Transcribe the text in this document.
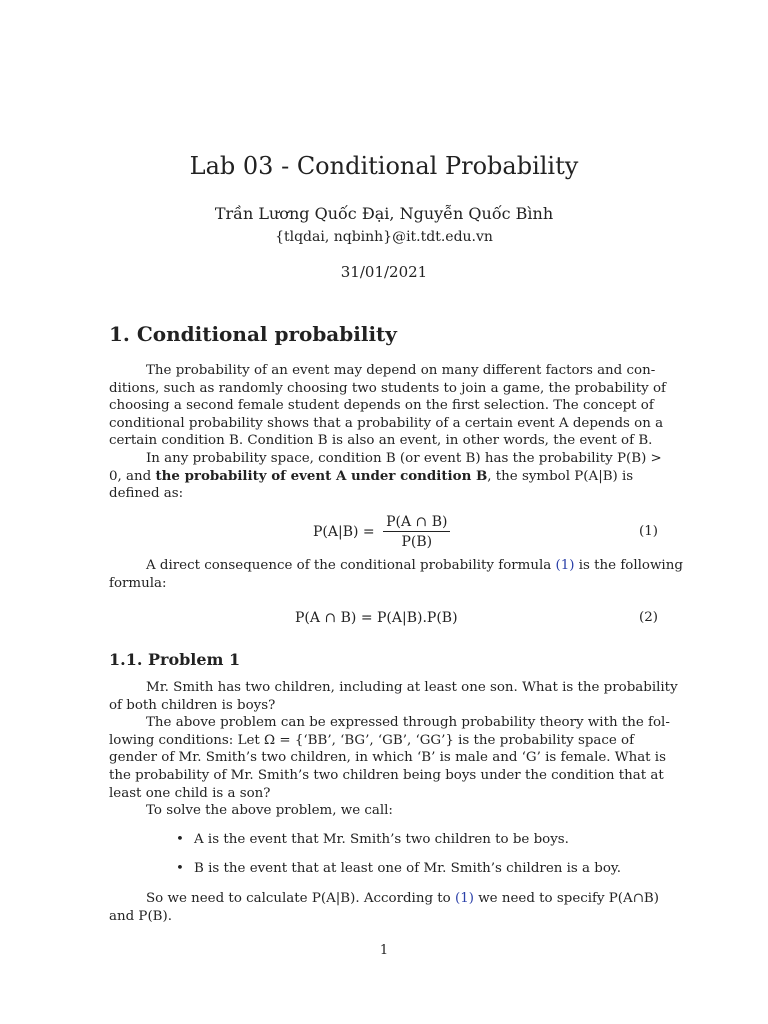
Lab 03 - Conditional Probability
Trần Lương Quốc Đại, Nguyễn Quốc Bình
{tlqdai, nqbinh}@it.tdt.edu.vn
31/01/2021
1. Conditional probability
The probability of an event may depend on many different factors and con-
ditions, such as randomly choosing two students to join a game, the probability of
choosing a second female student depends on the first selection. The concept of
conditional probability shows that a probability of a certain event A depends on a
certain condition B. Condition B is also an event, in other words, the event of B.
In any probability space, condition B (or event B) has the probability P(B) >
0, and the probability of event A under condition B, the symbol P(A|B) is
defined as:
$P(A|B) = \frac{P(A \cap B)}{P(B)}$	(1)
A direct consequence of the conditional probability formula (1) is the following
formula:
P(A ∩ B) = P(A|B).P(B)	(2)
1.1. Problem 1
Mr. Smith has two children, including at least one son. What is the probability
of both children is boys?
The above problem can be expressed through probability theory with the fol-
lowing conditions: Let Ω = {‘BB’, ‘BG’, ‘GB’, ‘GG’} is the probability space of
gender of Mr. Smith’s two children, in which ‘B’ is male and ‘G’ is female. What is
the probability of Mr. Smith’s two children being boys under the condition that at
least one child is a son?
To solve the above problem, we call:
• A is the event that Mr. Smith’s two children to be boys.
• B is the event that at least one of Mr. Smith’s children is a boy.
So we need to calculate P(A|B). According to (1) we need to specify P(A∩B)
and P(B).
1
